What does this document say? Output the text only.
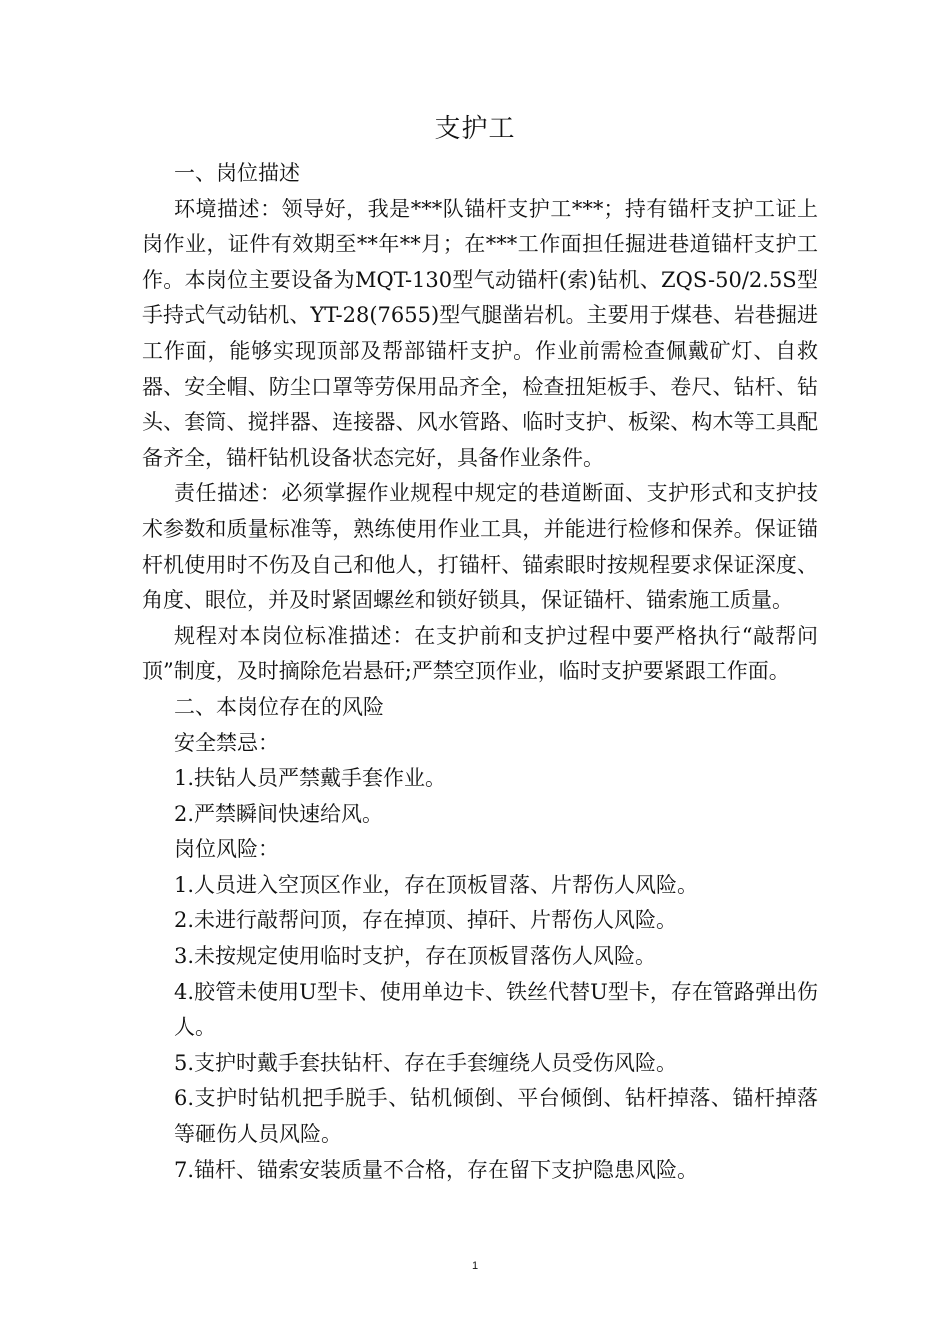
支护工

一、岗位描述

环境描述：领导好，我是***队锚杆支护工***；持有锚杆支护工证上岗作业，证件有效期至**年**月；在***工作面担任掘进巷道锚杆支护工作。本岗位主要设备为MQT-130型气动锚杆(索)钻机、ZQS-50/2.5S型手持式气动钻机、YT-28(7655)型气腿凿岩机。主要用于煤巷、岩巷掘进工作面，能够实现顶部及帮部锚杆支护。作业前需检查佩戴矿灯、自救器、安全帽、防尘口罩等劳保用品齐全，检查扭矩板手、卷尺、钻杆、钻头、套筒、搅拌器、连接器、风水管路、临时支护、板梁、构木等工具配备齐全，锚杆钻机设备状态完好，具备作业条件。

责任描述：必须掌握作业规程中规定的巷道断面、支护形式和支护技术参数和质量标准等，熟练使用作业工具，并能进行检修和保养。保证锚杆机使用时不伤及自己和他人，打锚杆、锚索眼时按规程要求保证深度、角度、眼位，并及时紧固螺丝和锁好锁具，保证锚杆、锚索施工质量。

规程对本岗位标准描述：在支护前和支护过程中要严格执行“敲帮问顶”制度，及时摘除危岩悬矸;严禁空顶作业，临时支护要紧跟工作面。

二、本岗位存在的风险

安全禁忌：

1.扶钻人员严禁戴手套作业。

2.严禁瞬间快速给风。

岗位风险：

1.人员进入空顶区作业，存在顶板冒落、片帮伤人风险。

2.未进行敲帮问顶，存在掉顶、掉矸、片帮伤人风险。

3.未按规定使用临时支护，存在顶板冒落伤人风险。

4.胶管未使用U型卡、使用单边卡、铁丝代替U型卡，存在管路弹出伤人。

5.支护时戴手套扶钻杆、存在手套缠绕人员受伤风险。

6.支护时钻机把手脱手、钻机倾倒、平台倾倒、钻杆掉落、锚杆掉落等砸伤人员风险。

7.锚杆、锚索安装质量不合格，存在留下支护隐患风险。

1
